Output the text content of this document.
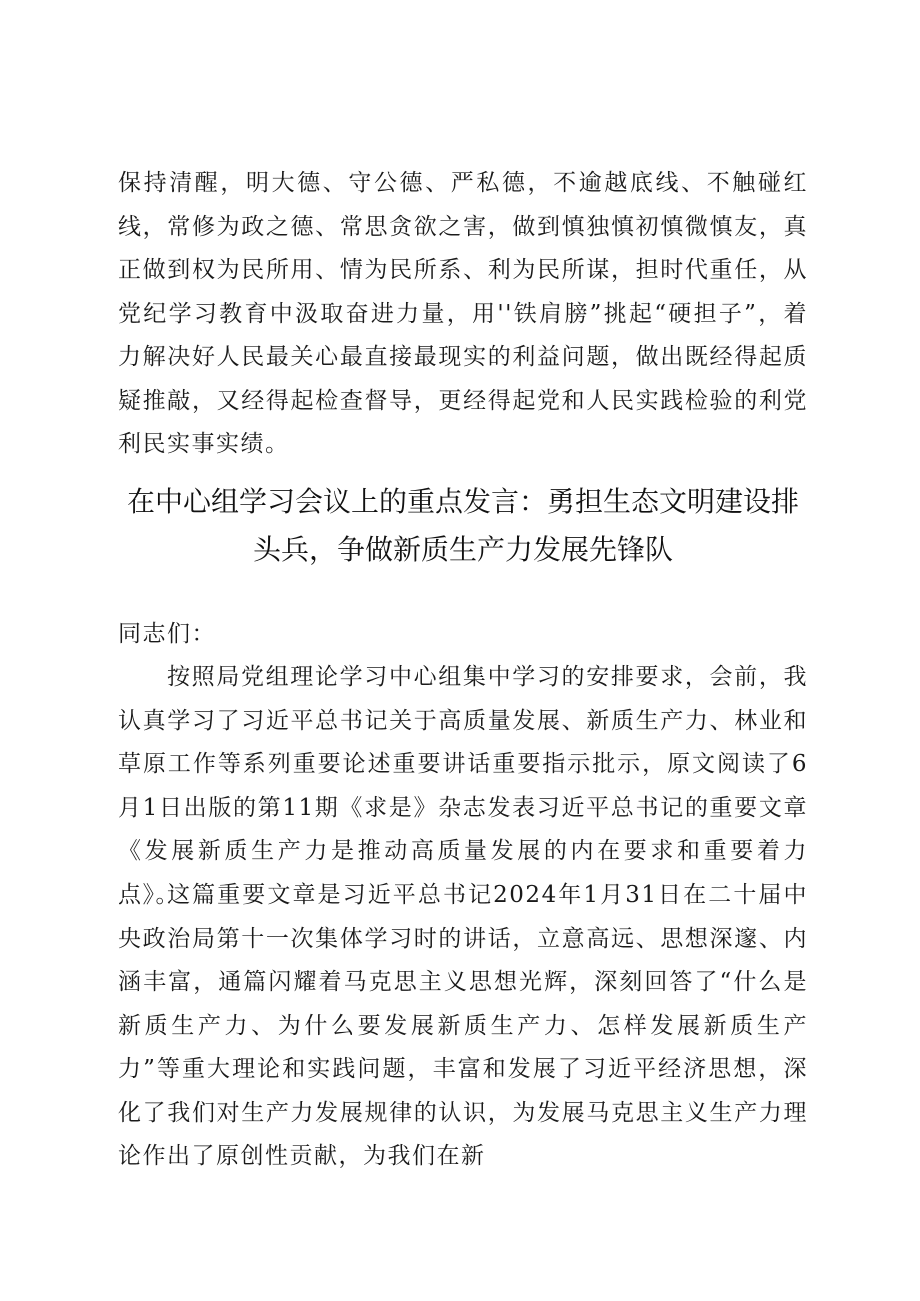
保持清醒，明大德、守公德、严私德，不逾越底线、不触碰红线，常修为政之德、常思贪欲之害，做到慎独慎初慎微慎友，真正做到权为民所用、情为民所系、利为民所谋，担时代重任，从党纪学习教育中汲取奋进力量，用''铁肩膀”挑起“硬担子”，着力解决好人民最关心最直接最现实的利益问题，做出既经得起质疑推敲，又经得起检查督导，更经得起党和人民实践检验的利党利民实事实绩。

在中心组学习会议上的重点发言：勇担生态文明建设排
头兵，争做新质生产力发展先锋队

同志们：

按照局党组理论学习中心组集中学习的安排要求，会前，我认真学习了习近平总书记关于高质量发展、新质生产力、林业和草原工作等系列重要论述重要讲话重要指示批示，原文阅读了6月1日出版的第11期《求是》杂志发表习近平总书记的重要文章《发展新质生产力是推动高质量发展的内在要求和重要着力点》。

这篇重要文章是习近平总书记2024年1月31日在二十届中央政治局第十一次集体学习时的讲话，立意高远、思想深邃、内涵丰富，通篇闪耀着马克思主义思想光辉，深刻回答了“什么是新质生产力、为什么要发展新质生产力、怎样发展新质生产力”等重大理论和实践问题，丰富和发展了习近平经济思想，深化了我们对生产力发展规律的认识，为发展马克思主义生产力理论作出了原创性贡献，为我们在新
